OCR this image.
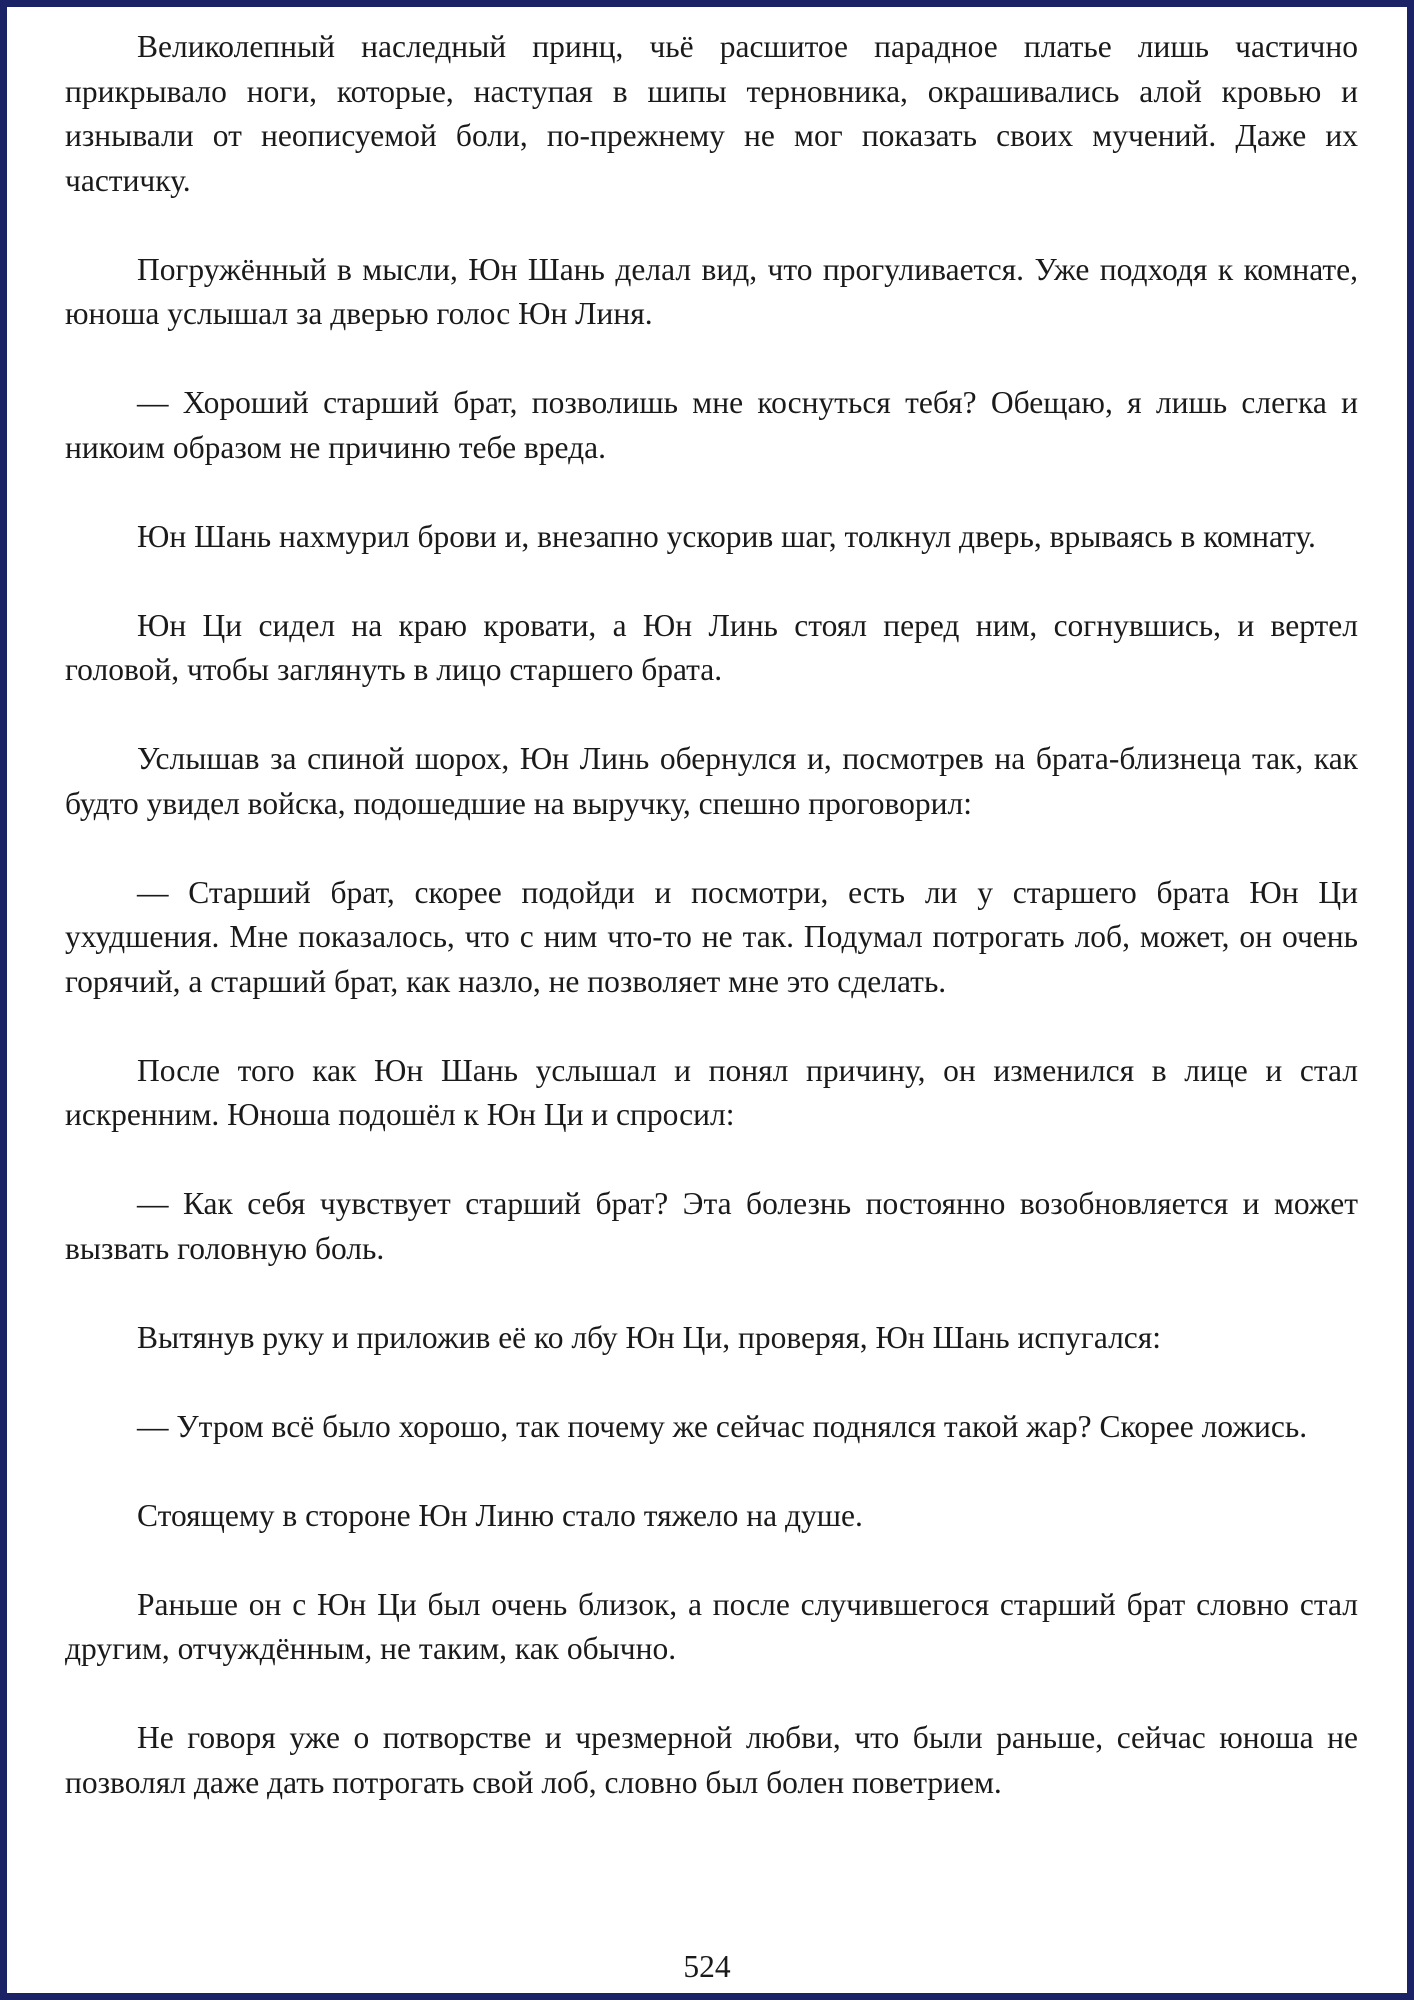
Великолепный наследный принц, чьё расшитое парадное платье лишь частично прикрывало ноги, которые, наступая в шипы терновника, окрашивались алой кровью и изнывали от неописуемой боли, по-прежнему не мог показать своих мучений. Даже их частичку.

Погружённый в мысли, Юн Шань делал вид, что прогуливается. Уже подходя к комнате, юноша услышал за дверью голос Юн Линя.

— Хороший старший брат, позволишь мне коснуться тебя? Обещаю, я лишь слегка и никоим образом не причиню тебе вреда.

Юн Шань нахмурил брови и, внезапно ускорив шаг, толкнул дверь, врываясь в комнату.

Юн Ци сидел на краю кровати, а Юн Линь стоял перед ним, согнувшись, и вертел головой, чтобы заглянуть в лицо старшего брата.

Услышав за спиной шорох, Юн Линь обернулся и, посмотрев на брата-близнеца так, как будто увидел войска, подошедшие на выручку, спешно проговорил:

— Старший брат, скорее подойди и посмотри, есть ли у старшего брата Юн Ци ухудшения. Мне показалось, что с ним что-то не так. Подумал потрогать лоб, может, он очень горячий, а старший брат, как назло, не позволяет мне это сделать.

После того как Юн Шань услышал и понял причину, он изменился в лице и стал искренним. Юноша подошёл к Юн Ци и спросил:

— Как себя чувствует старший брат? Эта болезнь постоянно возобновляется и может вызвать головную боль.

Вытянув руку и приложив её ко лбу Юн Ци, проверяя, Юн Шань испугался:

— Утром всё было хорошо, так почему же сейчас поднялся такой жар? Скорее ложись.

Стоящему в стороне Юн Линю стало тяжело на душе.

Раньше он с Юн Ци был очень близок, а после случившегося старший брат словно стал другим, отчуждённым, не таким, как обычно.

Не говоря уже о потворстве и чрезмерной любви, что были раньше, сейчас юноша не позволял даже дать потрогать свой лоб, словно был болен поветрием.

524
